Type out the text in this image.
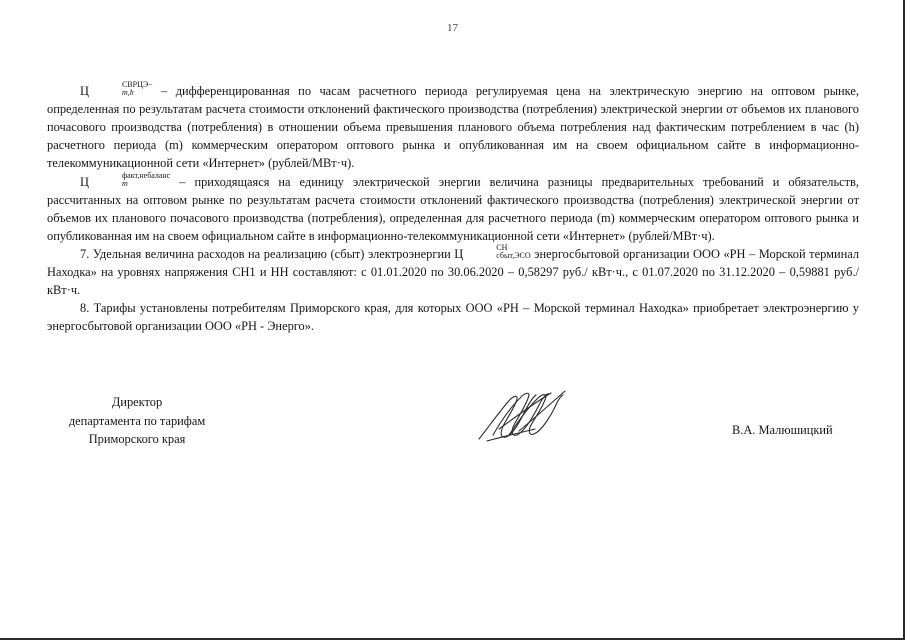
17

Ц	СВРЦЭ−
m,h	– дифференцированная по часам расчетного периода регулируемая цена на электрическую энергию на оптовом рынке, определенная по результатам расчета стоимости отклонений фактического производства (потребления) электрической энергии от объемов их планового почасового производства (потребления) в отношении объема превышения планового объема потребления над фактическим потреблением в час (h) расчетного периода (m) коммерческим оператором оптового рынка и опубликованная им на своем официальном сайте в информационно-телекоммуникационной сети «Интернет» (рублей/МВт·ч).

Ц	факт,небаланс
m	– приходящаяся на единицу электрической энергии величина разницы предварительных требований и обязательств, рассчитанных на оптовом рынке по результатам расчета стоимости отклонений фактического производства (потребления) электрической энергии от объемов их планового почасового производства (потребления), определенная для расчетного периода (m) коммерческим оператором оптового рынка и опубликованная им на своем официальном сайте в информационно-телекоммуникационной сети «Интернет» (рублей/МВт·ч).

7. Удельная величина расходов на реализацию (сбыт) электроэнергии Ц	СН
сбыт,ЭСО энергосбытовой организации ООО «РН – Морской терминал Находка» на уровнях напряжения СН1 и НН составляют: с 01.01.2020 по 30.06.2020 – 0,58297 руб./ кВт·ч., с 01.07.2020 по 31.12.2020 – 0,59881 руб./ кВт·ч.

8. Тарифы установлены потребителям Приморского края, для которых ООО «РН – Морской терминал Находка» приобретает электроэнергию у энергосбытовой организации ООО «РН - Энерго».

Директор
департамента по тарифам
Приморского края
В.А. Малюшицкий
